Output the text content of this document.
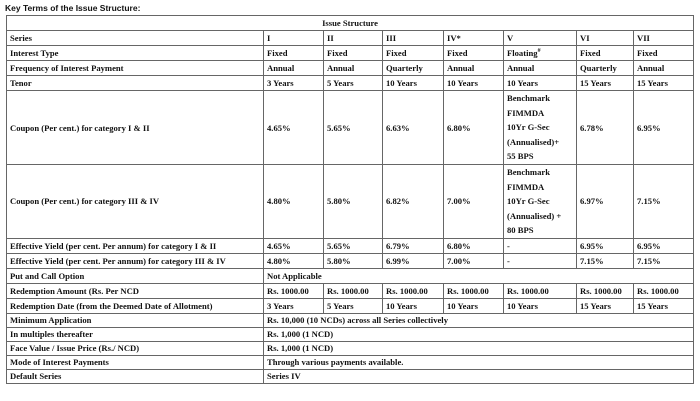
Key Terms of the Issue Structure:
Issue Structure							
Series	I	II	III	IV*	V	VI	VII
Interest Type	Fixed	Fixed	Fixed	Fixed	Floating#	Fixed	Fixed
Frequency of Interest Payment	Annual	Annual	Quarterly	Annual	Annual	Quarterly	Annual
Tenor	3 Years	5 Years	10 Years	10 Years	10 Years	15 Years	15 Years
Coupon (Per cent.) for category I & II	4.65%	5.65%	6.63%	6.80%	Benchmark
FIMMDA
10Yr G-Sec
(Annualised)+
55 BPS	6.78%	6.95%
Coupon (Per cent.) for category III & IV	4.80%	5.80%	6.82%	7.00%	Benchmark
FIMMDA
10Yr G-Sec
(Annualised) +
80 BPS	6.97%	7.15%
Effective Yield (per cent. Per annum) for category I & II	4.65%	5.65%	6.79%	6.80%	-	6.95%	6.95%
Effective Yield (per cent. Per annum) for category III & IV	4.80%	5.80%	6.99%	7.00%	-	7.15%	7.15%
Put and Call Option	Not Applicable						
Redemption Amount (Rs. Per NCD	Rs. 1000.00	Rs. 1000.00	Rs. 1000.00	Rs. 1000.00	Rs. 1000.00	Rs. 1000.00	Rs. 1000.00
Redemption Date (from the Deemed Date of Allotment)	3 Years	5 Years	10 Years	10 Years	10 Years	15 Years	15 Years
Minimum Application	Rs. 10,000 (10 NCDs) across all Series collectively						
In multiples thereafter	Rs. 1,000 (1 NCD)						
Face Value / Issue Price (Rs./ NCD)	Rs. 1,000 (1 NCD)						
Mode of Interest Payments	Through various payments available.						
Default Series	Series IV						
